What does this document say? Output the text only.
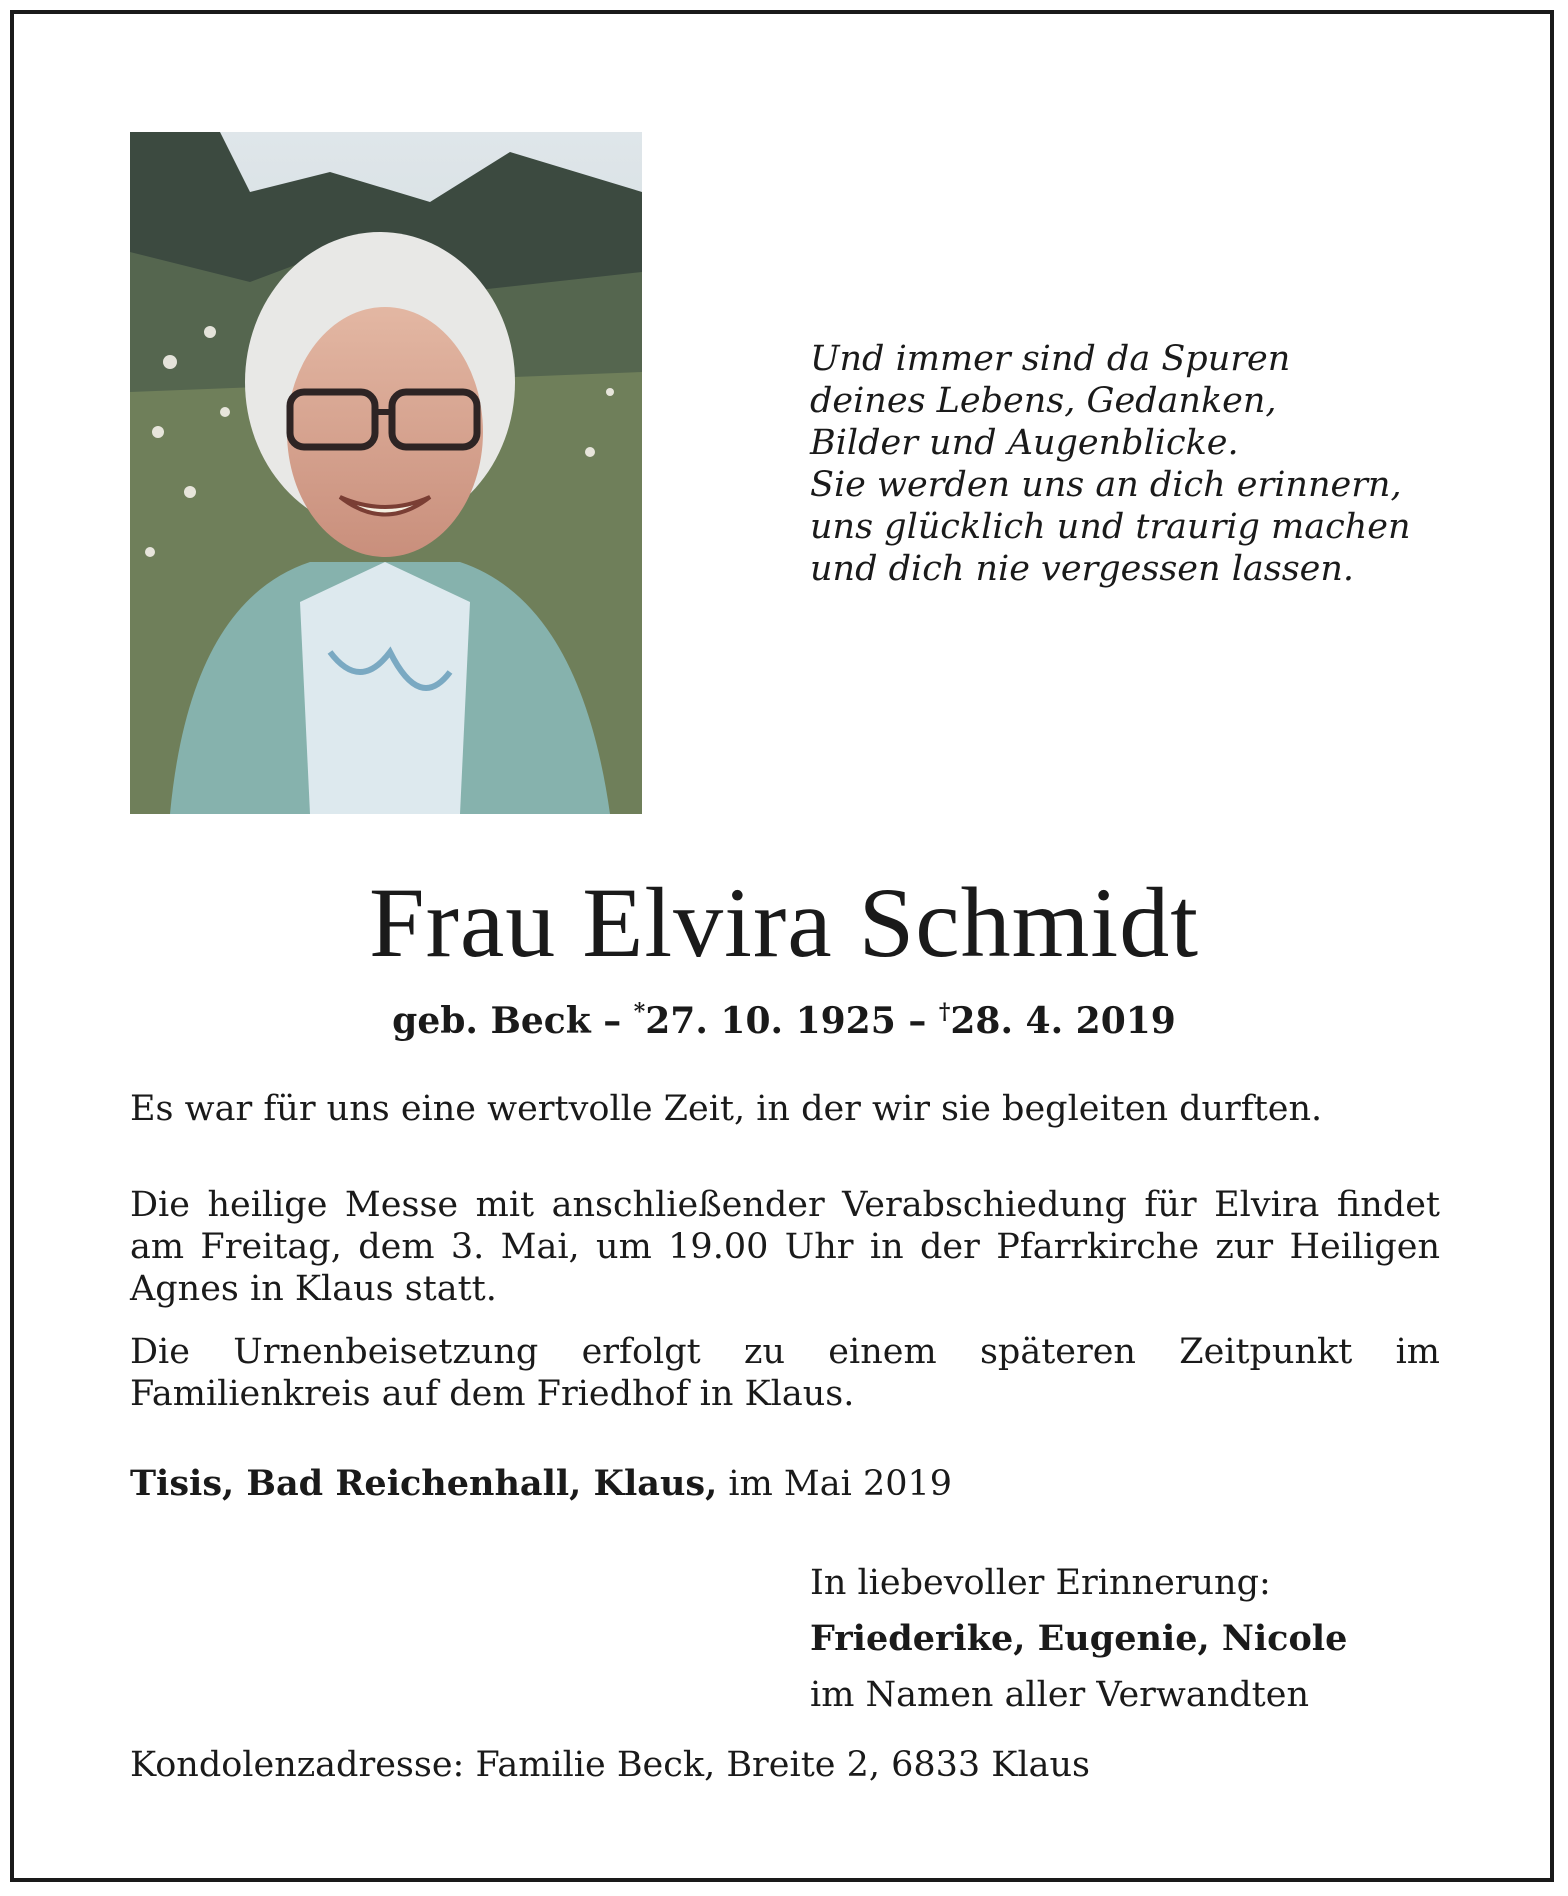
Und immer sind da Spuren
deines Lebens, Gedanken,
Bilder und Augenblicke.
Sie werden uns an dich erinnern,
uns glücklich und traurig machen
und dich nie vergessen lassen.
Frau Elvira Schmidt
geb. Beck – *27. 10. 1925 – †28. 4. 2019
Es war für uns eine wertvolle Zeit, in der wir sie begleiten durften.
Die heilige Messe mit anschließender Verabschiedung für Elvira findet am Freitag, dem 3. Mai, um 19.00 Uhr in der Pfarrkirche zur Heiligen Agnes in Klaus statt.
Die Urnenbeisetzung erfolgt zu einem späteren Zeitpunkt im Familienkreis auf dem Friedhof in Klaus.
Tisis, Bad Reichenhall, Klaus, im Mai 2019
In liebevoller Erinnerung:
Friederike, Eugenie, Nicole
im Namen aller Verwandten
Kondolenzadresse: Familie Beck, Breite 2, 6833 Klaus
